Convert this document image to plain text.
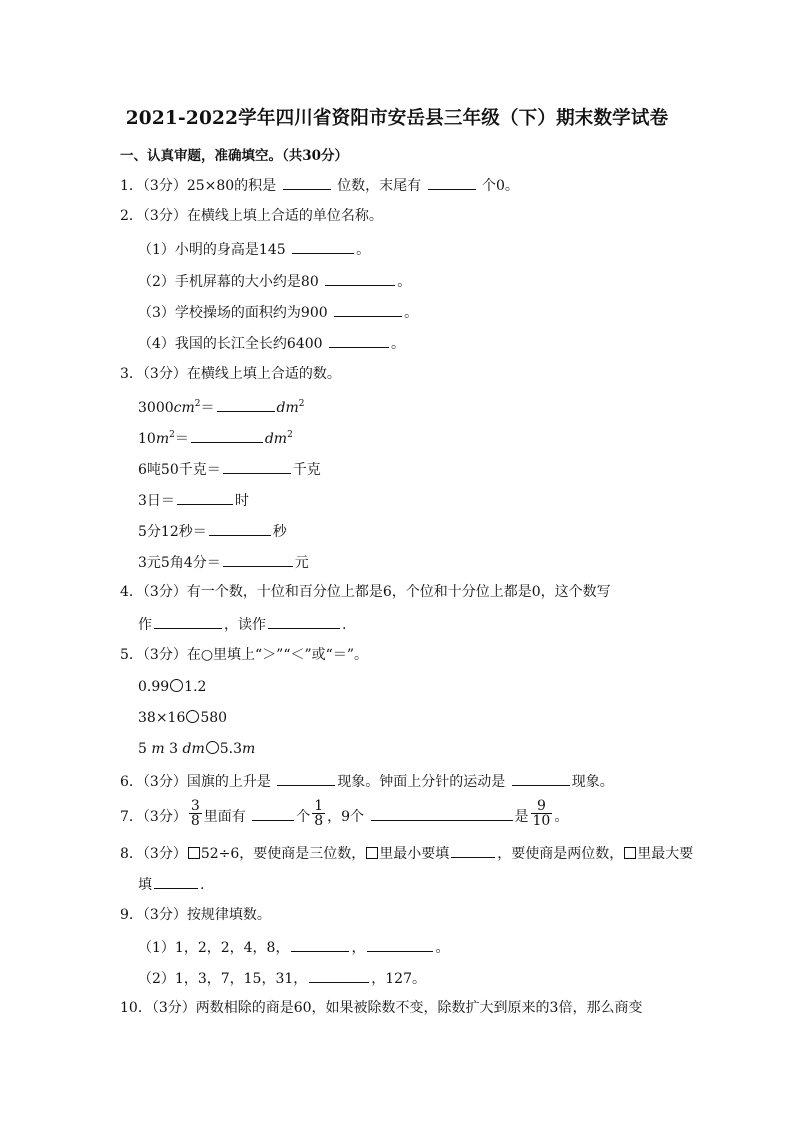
2021-2022学年四川省资阳市安岳县三年级（下）期末数学试卷
一、认真审题，准确填空。（共30分）
1．（3分）25×80的积是	位数，末尾有	个0。
2．（3分）在横线上填上合适的单位名称。
（1）小明的身高是145	。
（2）手机屏幕的大小约是80	。
（3）学校操场的面积约为900	。
（4）我国的长江全长约6400	。
3．（3分）在横线上填上合适的数。
$3000cm^2=$	$dm^2$
$10m^2=$	$dm^2$
6吨50千克＝	千克
3日＝	时
5分12秒＝	秒
3元5角4分＝	元
4．（3分）有一个数，十位和百分位上都是6，个位和十分位上都是0，这个数写
作	，读作	.
5．（3分）在○里填上“＞”“＜”或“＝”。
0.99 1.2
38×16 580
5 m 3 dm 5.3m
6．（3分）国旗的上升是	现象。钟面上分针的运动是	现象。
7．（3分） $\frac{3}{8}$ 里面有	个 $\frac{1}{8}$ ，9个	是 $\frac{9}{10}$ 。
8．（3分） 52÷6，要使商是三位数， 里最小要填	，要使商是两位数， 里最大要
填	.
9．（3分）按规律填数。
（1）1，2，2，4，8，	，	。
（2）1，3，7，15，31，	，127。
10．（3分）两数相除的商是60，如果被除数不变，除数扩大到原来的3倍，那么商变
